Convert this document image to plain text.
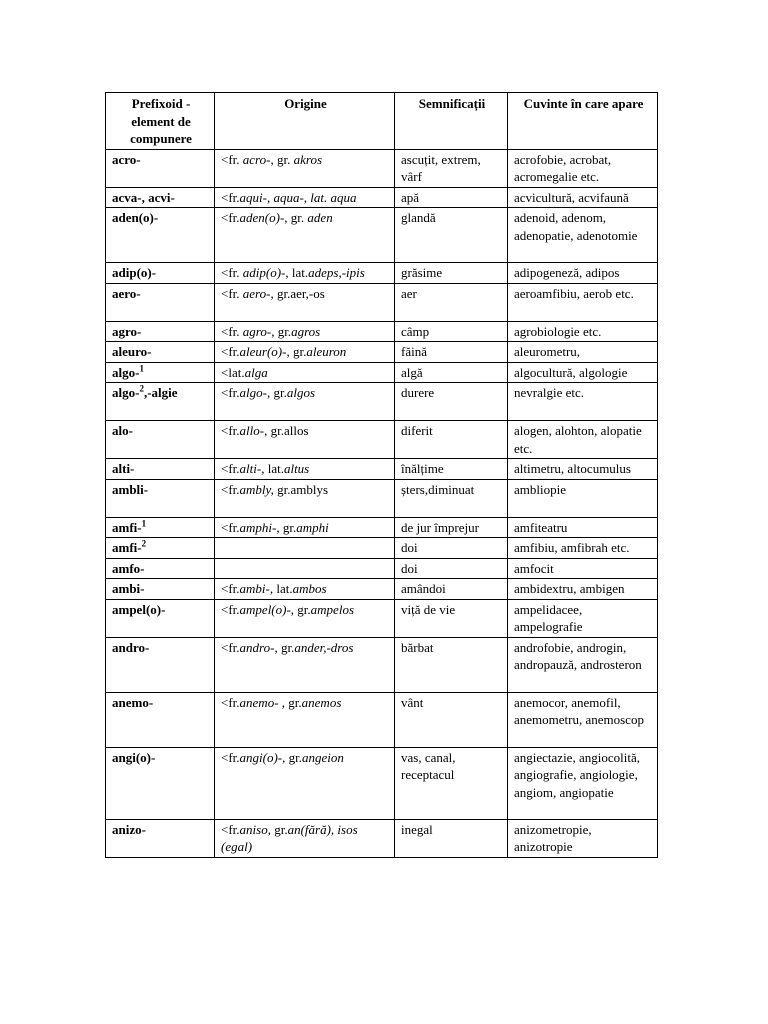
Prefixoid -element de compunere	Origine	Semnificații	Cuvinte în care apare
acro-	<fr. acro-, gr. akros	ascuțit, extrem, vârf	acrofobie, acrobat, acromegalie etc.
acva-, acvi-	<fr.aqui-, aqua-, lat. aqua	apă	acvicultură, acvifaună
aden(o)-	<fr.aden(o)-, gr. aden	glandă	adenoid, adenom, adenopatie, adenotomie
adip(o)-	<fr. adip(o)-, lat.adeps,-ipis	grăsime	adipogeneză, adipos
aero-	<fr. aero-, gr.aer,-os	aer	aeroamfibiu, aerob etc.
agro-	<fr. agro-, gr.agros	câmp	agrobiologie etc.
aleuro-	<fr.aleur(o)-, gr.aleuron	făină	aleurometru,
algo-$^1$	<lat.alga	algă	algocultură, algologie
algo-$^2$,-algie	<fr.algo-, gr.algos	durere	nevralgie etc.
alo-	<fr.allo-, gr.allos	diferit	alogen, alohton, alopatie etc.
alti-	<fr.alti-, lat.altus	înălțime	altimetru, altocumulus
ambli-	<fr.ambly, gr.amblys	șters,diminuat	ambliopie
amfi-$^1$	<fr.amphi-, gr.amphi	de jur împrejur	amfiteatru
amfi-$^2$		doi	amfibiu, amfibrah etc.
amfo-		doi	amfocit
ambi-	<fr.ambi-, lat.ambos	amândoi	ambidextru, ambigen
ampel(o)-	<fr.ampel(o)-, gr.ampelos	viță de vie	ampelidacee, ampelografie
andro-	<fr.andro-, gr.ander,-dros	bărbat	androfobie, androgin, andropauză, androsteron
anemo-	<fr.anemo- , gr.anemos	vânt	anemocor, anemofil, anemometru, anemoscop
angi(o)-	<fr.angi(o)-, gr.angeion	vas, canal, receptacul	angiectazie, angiocolită, angiografie, angiologie, angiom, angiopatie
anizo-	<fr.aniso, gr.an(fără), isos (egal)	inegal	anizometropie, anizotropie
